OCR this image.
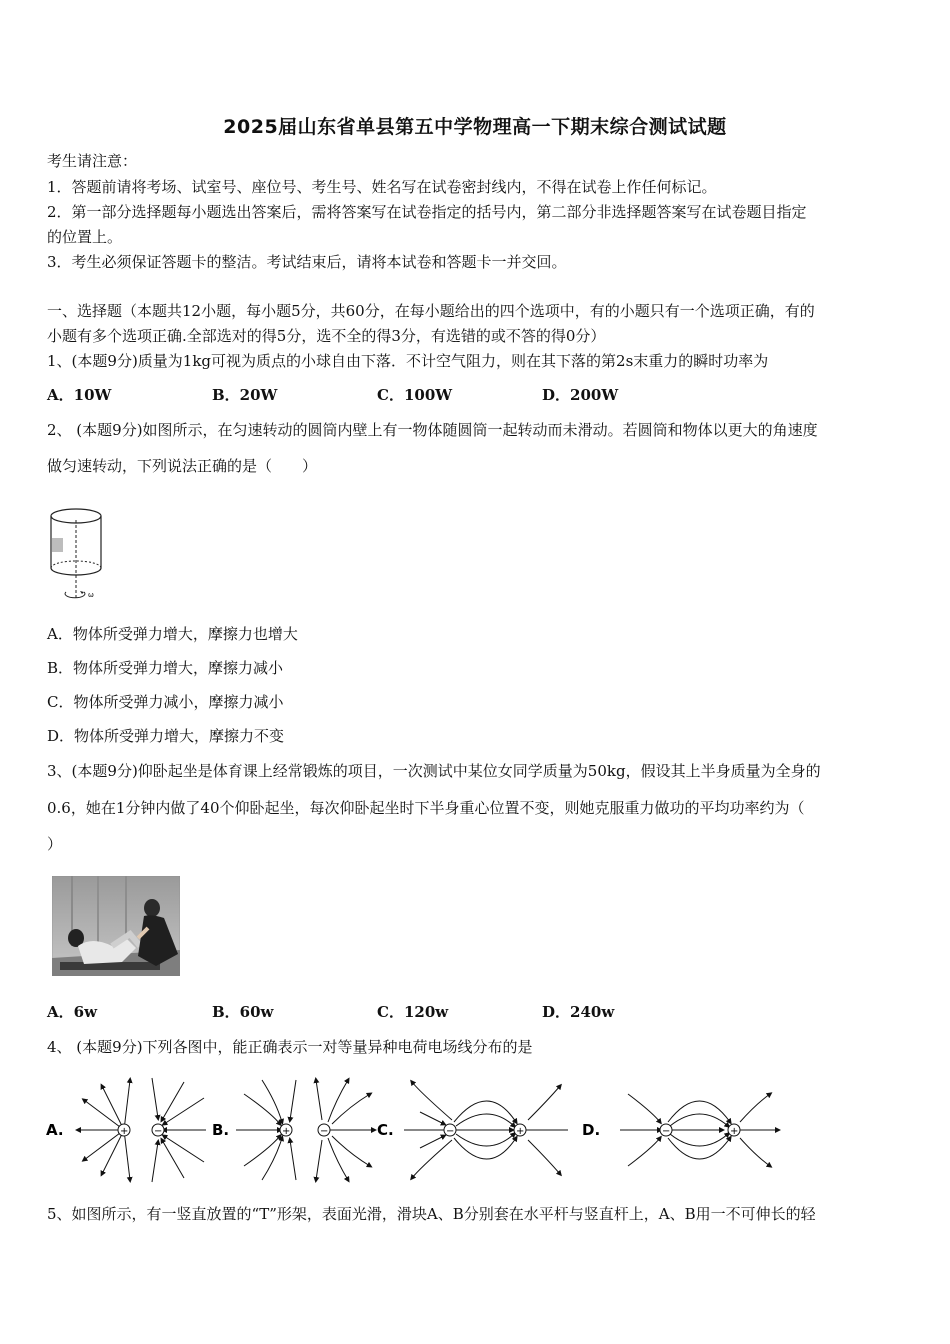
2025届山东省单县第五中学物理高一下期末综合测试试题
考生请注意：
1．答题前请将考场、试室号、座位号、考生号、姓名写在试卷密封线内，不得在试卷上作任何标记。
2．第一部分选择题每小题选出答案后，需将答案写在试卷指定的括号内，第二部分非选择题答案写在试卷题目指定
的位置上。
3．考生必须保证答题卡的整洁。考试结束后，请将本试卷和答题卡一并交回。
一、选择题（本题共12小题，每小题5分，共60分，在每小题给出的四个选项中，有的小题只有一个选项正确，有的
小题有多个选项正确.全部选对的得5分，选不全的得3分，有选错的或不答的得0分）
1、(本题9分)质量为1kg可视为质点的小球自由下落．不计空气阻力，则在其下落的第2s末重力的瞬时功率为
A．10W	B．20W	C．100W	D．200W
2、 (本题9分)如图所示，在匀速转动的圆筒内壁上有一物体随圆筒一起转动而未滑动。若圆筒和物体以更大的角速度
做匀速转动，下列说法正确的是（　　）
ω
A．物体所受弹力增大，摩擦力也增大
B．物体所受弹力增大，摩擦力减小
C．物体所受弹力减小，摩擦力减小
D．物体所受弹力增大，摩擦力不变
3、(本题9分)仰卧起坐是体育课上经常锻炼的项目，一次测试中某位女同学质量为50kg，假设其上半身质量为全身的
0.6，她在1分钟内做了40个仰卧起坐，每次仰卧起坐时下半身重心位置不变，则她克服重力做功的平均功率约为（
）
A．6w	B．60w	C．120w	D．240w
4、 (本题9分)下列各图中，能正确表示一对等量异种电荷电场线分布的是
A.	B.	C.	D.
+	−	+	−	−	+	−	+
5、如图所示，有一竖直放置的“T”形架，表面光滑，滑块A、B分别套在水平杆与竖直杆上，A、B用一不可伸长的轻
